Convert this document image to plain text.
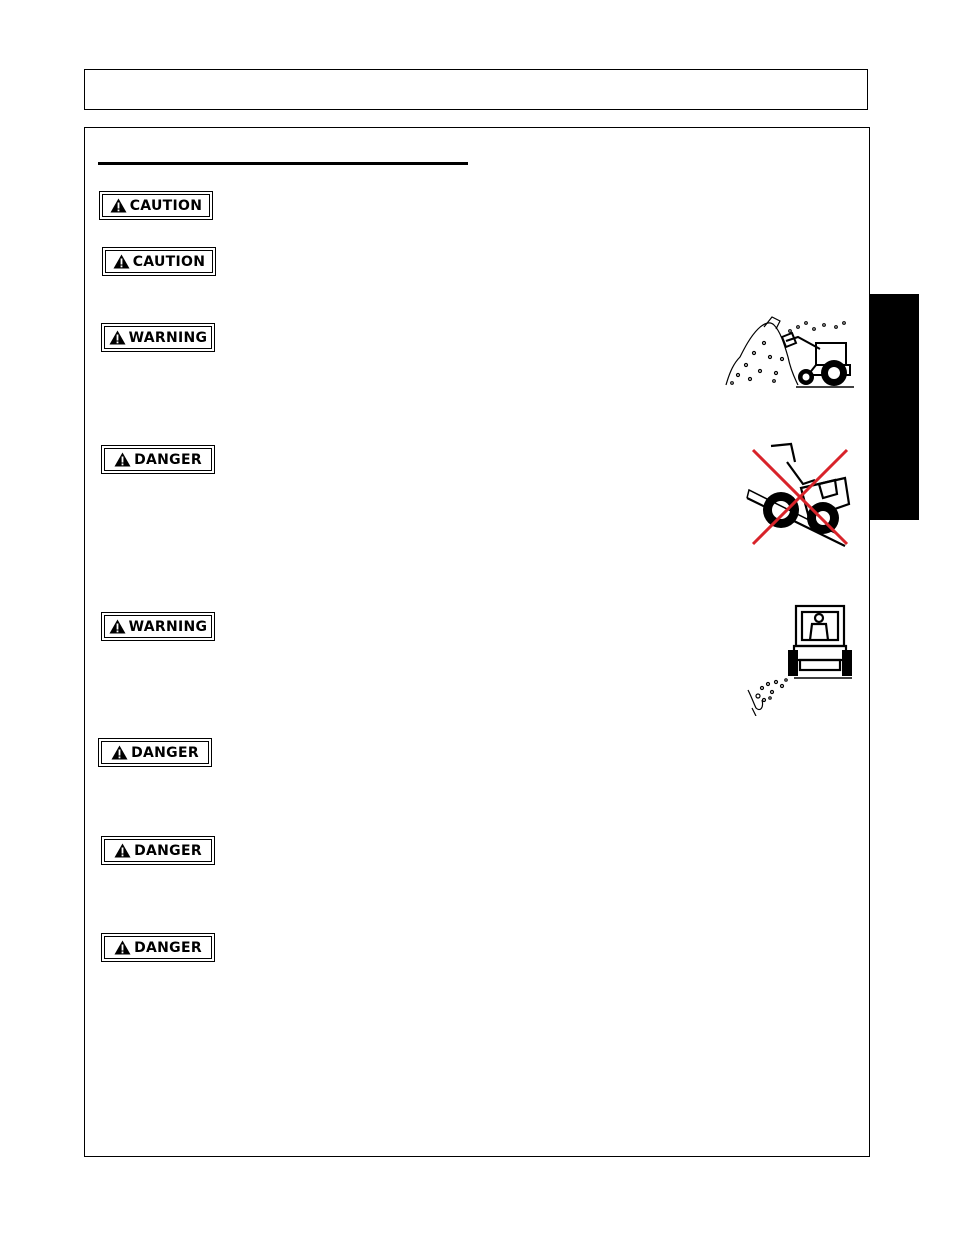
CAUTION
CAUTION
WARNING
DANGER
WARNING
DANGER
DANGER
DANGER
